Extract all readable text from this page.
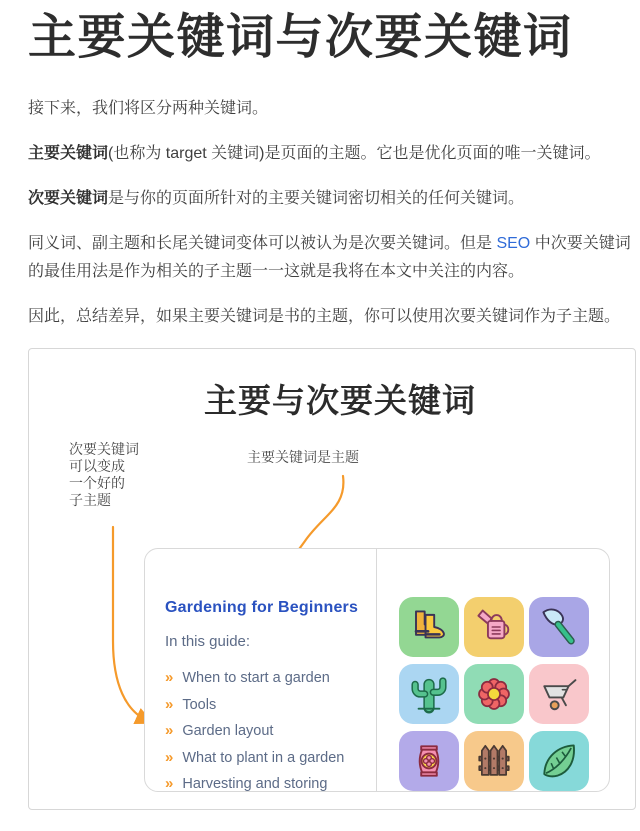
主要关键词与次要关键词

接下来，我们将区分两种关键词。

主要关键词(也称为 target 关键词)是页面的主题。它也是优化页面的唯一关键词。

次要关键词是与你的页面所针对的主要关键词密切相关的任何关键词。

同义词、副主题和长尾关键词变体可以被认为是次要关键词。但是 SEO 中次要关键词的最佳用法是作为相关的子主题一一这就是我将在本文中关注的内容。

因此，总结差异，如果主要关键词是书的主题，你可以使用次要关键词作为子主题。

主要与次要关键词
次要关键词
可以变成
一个好的
子主题
主要关键词是主题
Gardening for Beginners
In this guide:
» When to start a garden
» Tools
» Garden layout
» What to plant in a garden
» Harvesting and storing
